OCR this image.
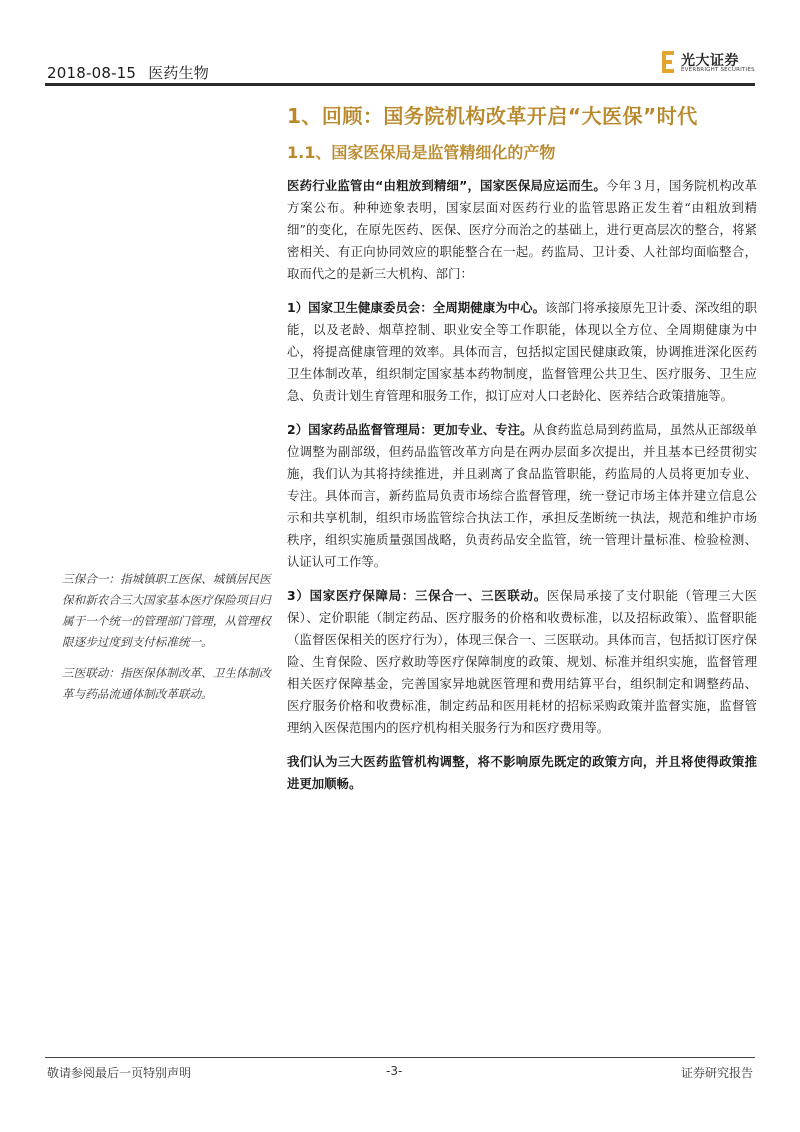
2018-08-15 医药生物
光大证券
EVERBRIGHT SECURITIES
1、回顾：国务院机构改革开启“大医保”时代
1.1、国家医保局是监管精细化的产物

医药行业监管由“由粗放到精细”，国家医保局应运而生。今年３月，国务院机构改革方案公布。种种迹象表明，国家层面对医药行业的监管思路正发生着“由粗放到精细”的变化，在原先医药、医保、医疗分而治之的基础上，进行更高层次的整合，将紧密相关、有正向协同效应的职能整合在一起。药监局、卫计委、人社部均面临整合，取而代之的是新三大机构、部门：

1）国家卫生健康委员会：全周期健康为中心。该部门将承接原先卫计委、深改组的职能，以及老龄、烟草控制、职业安全等工作职能，体现以全方位、全周期健康为中心，将提高健康管理的效率。具体而言，包括拟定国民健康政策，协调推进深化医药卫生体制改革，组织制定国家基本药物制度，监督管理公共卫生、医疗服务、卫生应急、负责计划生育管理和服务工作，拟订应对人口老龄化、医养结合政策措施等。

2）国家药品监督管理局：更加专业、专注。从食药监总局到药监局，虽然从正部级单位调整为副部级，但药品监管改革方向是在两办层面多次提出，并且基本已经贯彻实施，我们认为其将持续推进，并且剥离了食品监管职能，药监局的人员将更加专业、专注。具体而言，新药监局负责市场综合监督管理，统一登记市场主体并建立信息公示和共享机制，组织市场监管综合执法工作，承担反垄断统一执法，规范和维护市场秩序，组织实施质量强国战略，负责药品安全监管，统一管理计量标准、检验检测、认证认可工作等。

3）国家医疗保障局：三保合一、三医联动。医保局承接了支付职能（管理三大医保）、定价职能（制定药品、医疗服务的价格和收费标准，以及招标政策）、监督职能（监督医保相关的医疗行为），体现三保合一、三医联动。具体而言，包括拟订医疗保险、生育保险、医疗救助等医疗保障制度的政策、规划、标准并组织实施，监督管理相关医疗保障基金，完善国家异地就医管理和费用结算平台，组织制定和调整药品、医疗服务价格和收费标准，制定药品和医用耗材的招标采购政策并监督实施，监督管理纳入医保范围内的医疗机构相关服务行为和医疗费用等。

我们认为三大医药监管机构调整，将不影响原先既定的政策方向，并且将使得政策推进更加顺畅。

三保合一：指城镇职工医保、城镇居民医保和新农合三大国家基本医疗保险项目归属于一个统一的管理部门管理，从管理权限逐步过度到支付标准统一。

三医联动：指医保体制改革、卫生体制改革与药品流通体制改革联动。

敬请参阅最后一页特别声明	-3-	证券研究报告
